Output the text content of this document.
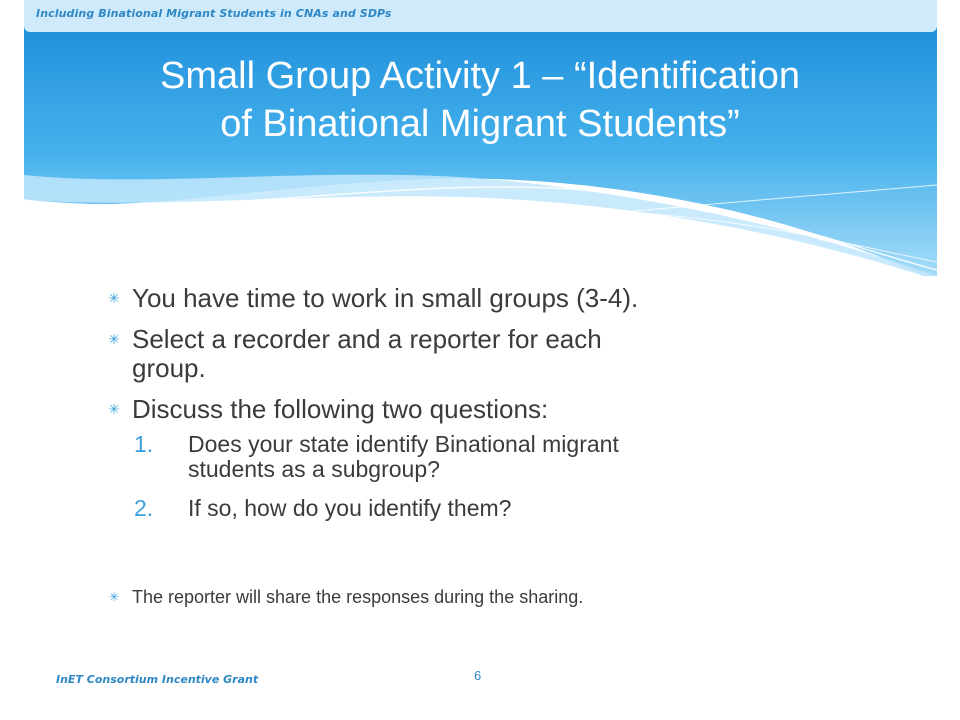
Including Binational Migrant Students in CNAs and SDPs
Small Group Activity 1 – “Identification
of Binational Migrant Students”
✳ You have time to work in small groups (3-4).
✳ Select a recorder and a reporter for each
group.
✳ Discuss the following two questions:
1. Does your state identify Binational migrant
students as a subgroup?
2. If so, how do you identify them?
✳ The reporter will share the responses during the sharing.
InET Consortium Incentive Grant	6
